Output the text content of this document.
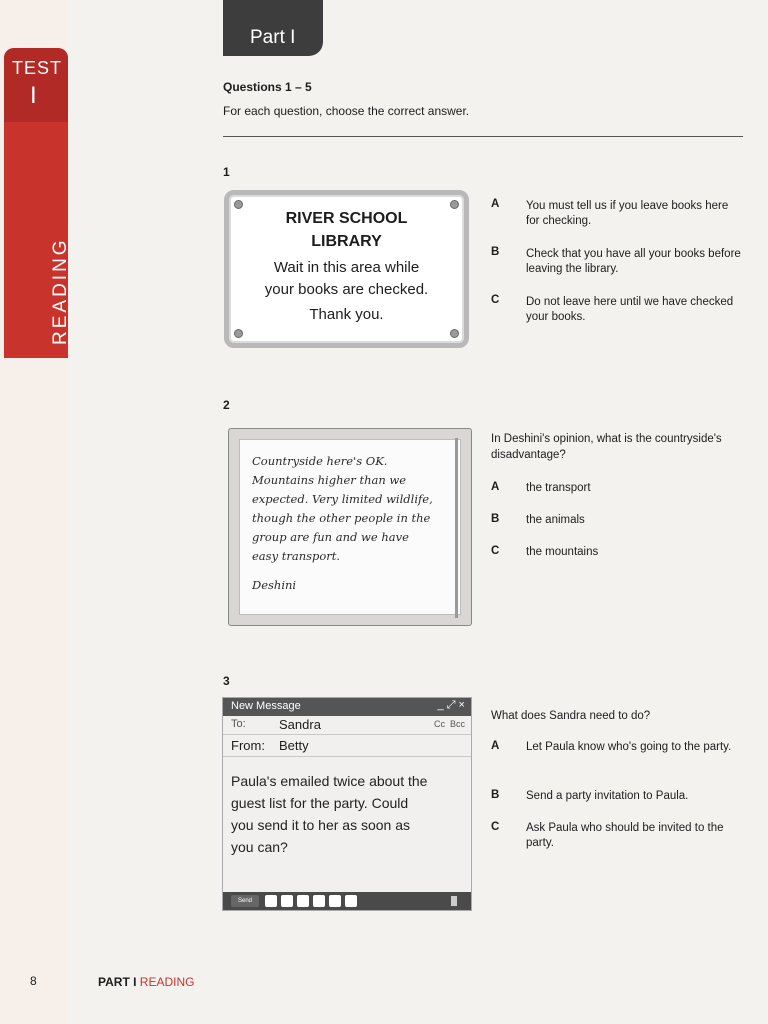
TEST
I
READING
Part I
Questions 1 – 5
For each question, choose the correct answer.
1
RIVER SCHOOL
LIBRARY
Wait in this area while
your books are checked.
Thank you.
A You must tell us if you leave books here for checking.
B Check that you have all your books before leaving the library.
C Do not leave here until we have checked your books.
2
Countryside here's OK.
Mountains higher than we
expected. Very limited wildlife,
though the other people in the
group are fun and we have
easy transport.
Deshini
In Deshini's opinion, what is the countryside's disadvantage?
A the transport
B the animals
C the mountains
3
New Message	_ ⤢ ×
To:	Sandra	Cc  Bcc
From: Betty
Paula's emailed twice about the
guest list for the party. Could
you send it to her as soon as
you can?
Send
What does Sandra need to do?
A Let Paula know who's going to the party.
B Send a party invitation to Paula.
C Ask Paula who should be invited to the party.
8	PART I READING
